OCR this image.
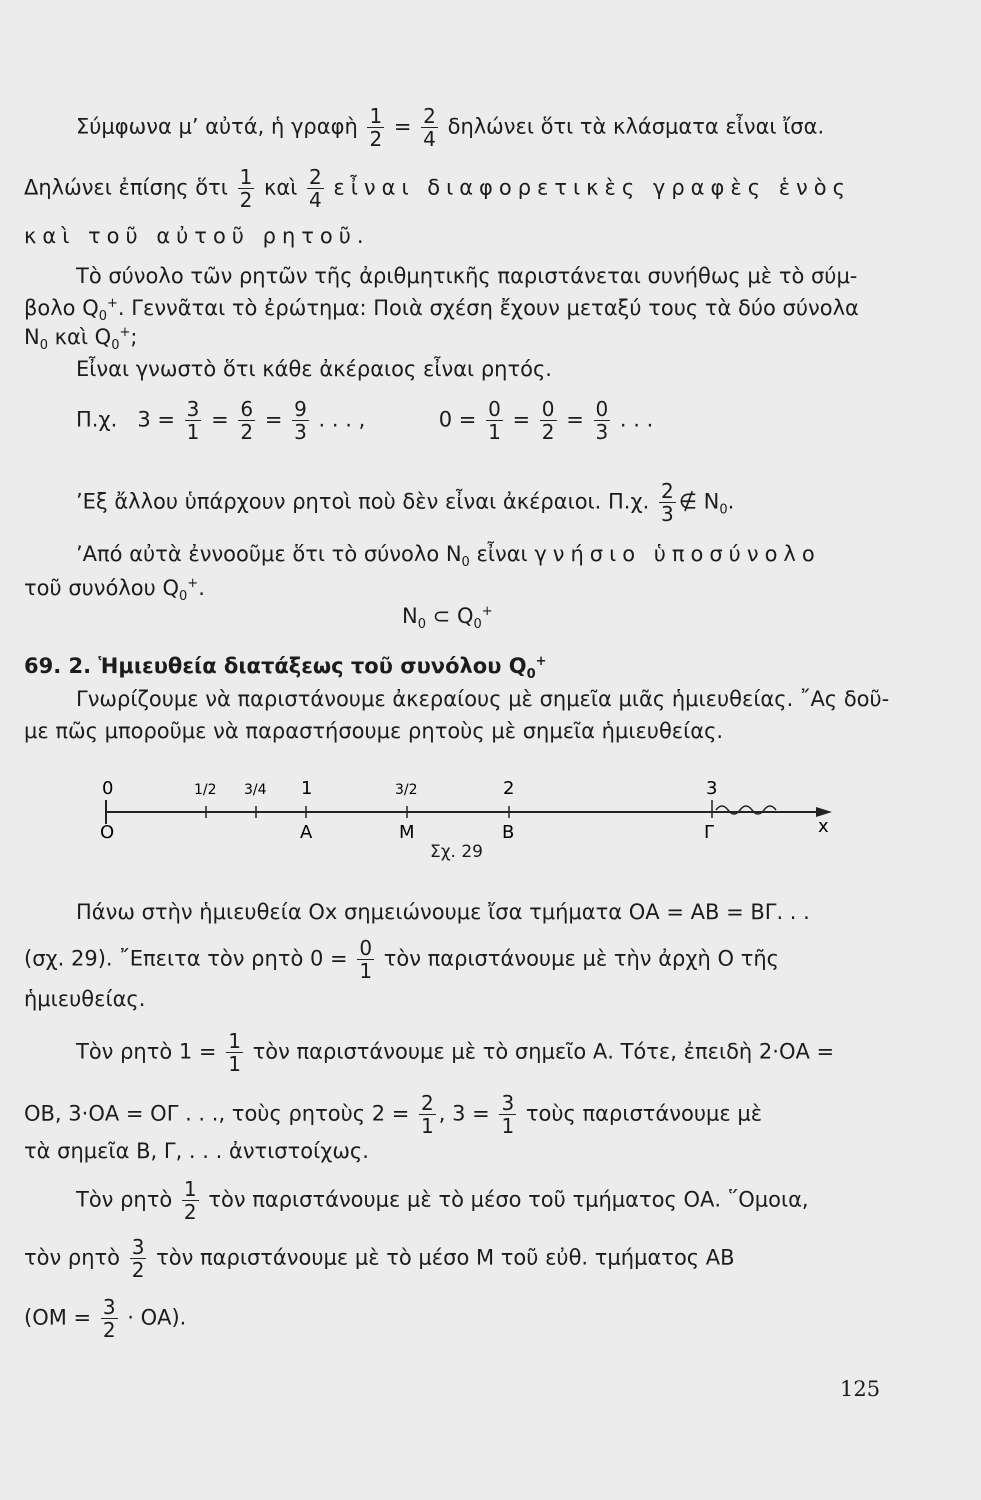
Σύμφωνα μ’ αὐτά, ἡ γραφὴ $\frac{1}{2} = \frac{2}{4}$ δηλώνει ὅτι τὰ κλάσματα εἶναι ἴσα.
Δηλώνει ἐπίσης ὅτι $\frac{1}{2}$ καὶ $\frac{2}{4}$ εἶναι διαφορετικὲς γραφὲς ἑνὸς
καὶ τοῦ αὐτοῦ ρητοῦ.
Τὸ σύνολο τῶν ρητῶν τῆς ἀριθμητικῆς παριστάνεται συνήθως μὲ τὸ σύμ-
βολο $Q_0^+$. Γεννᾶται τὸ ἐρώτημα: Ποιὰ σχέση ἔχουν μεταξύ τους τὰ δύο σύνολα
$N_0$ καὶ $Q_0^+$;
Εἶναι γνωστὸ ὅτι κάθε ἀκέραιος εἶναι ρητός.
Π.χ. $3 = \frac{3}{1} = \frac{6}{2} = \frac{9}{3}$ . . . ,	$0 = \frac{0}{1} = \frac{0}{2} = \frac{0}{3}$ . . .
’Εξ ἄλλου ὑπάρχουν ρητοὶ ποὺ δὲν εἶναι ἀκέραιοι. Π.χ. $\frac{2}{3}$ ∉ $N_0$.
’Από αὐτὰ ἐννοοῦμε ὅτι τὸ σύνολο $N_0$ εἶναι γνήσιο ὑποσύνολο
τοῦ συνόλου $Q_0^+$.
$N_0$ ⊂ $Q_0^+$
69. 2. Ἡμιευθεία διατάξεως τοῦ συνόλου $Q_0^+$
Γνωρίζουμε νὰ παριστάνουμε ἀκεραίους μὲ σημεῖα μιᾶς ἡμιευθείας. ῎Ας δοῦ-
με πῶς μποροῦμε νὰ παραστήσουμε ρητοὺς μὲ σημεῖα ἡμιευθείας.
0	1/2 3/4 1	3/2	2	3
O	A	M	B	Γ	x
Σχ. 29
Πάνω στὴν ἡμιευθεία Οx σημειώνουμε ἴσα τμήματα ΟΑ = ΑΒ = ΒΓ. . .
(σχ. 29). ῎Επειτα τὸν ρητὸ $0 = \frac{0}{1}$ τὸν παριστάνουμε μὲ τὴν ἀρχὴ Ο τῆς
ἡμιευθείας.
Τὸν ρητὸ $1 = \frac{1}{1}$ τὸν παριστάνουμε μὲ τὸ σημεῖο Α. Τότε, ἐπειδὴ 2·ΟΑ =
ΟΒ, 3·ΟΑ = ΟΓ . . ., τοὺς ρητοὺς $2 = \frac{2}{1}$ , $3 = \frac{3}{1}$ τοὺς παριστάνουμε μὲ
τὰ σημεῖα Β, Γ, . . . ἀντιστοίχως.
Τὸν ρητὸ $\frac{1}{2}$ τὸν παριστάνουμε μὲ τὸ μέσο τοῦ τμήματος ΟΑ. ῞Ομοια,
τὸν ρητὸ $\frac{3}{2}$ τὸν παριστάνουμε μὲ τὸ μέσο Μ τοῦ εὐθ. τμήματος ΑΒ
$(OM = \frac{3}{2} \cdot OA)$.
125
